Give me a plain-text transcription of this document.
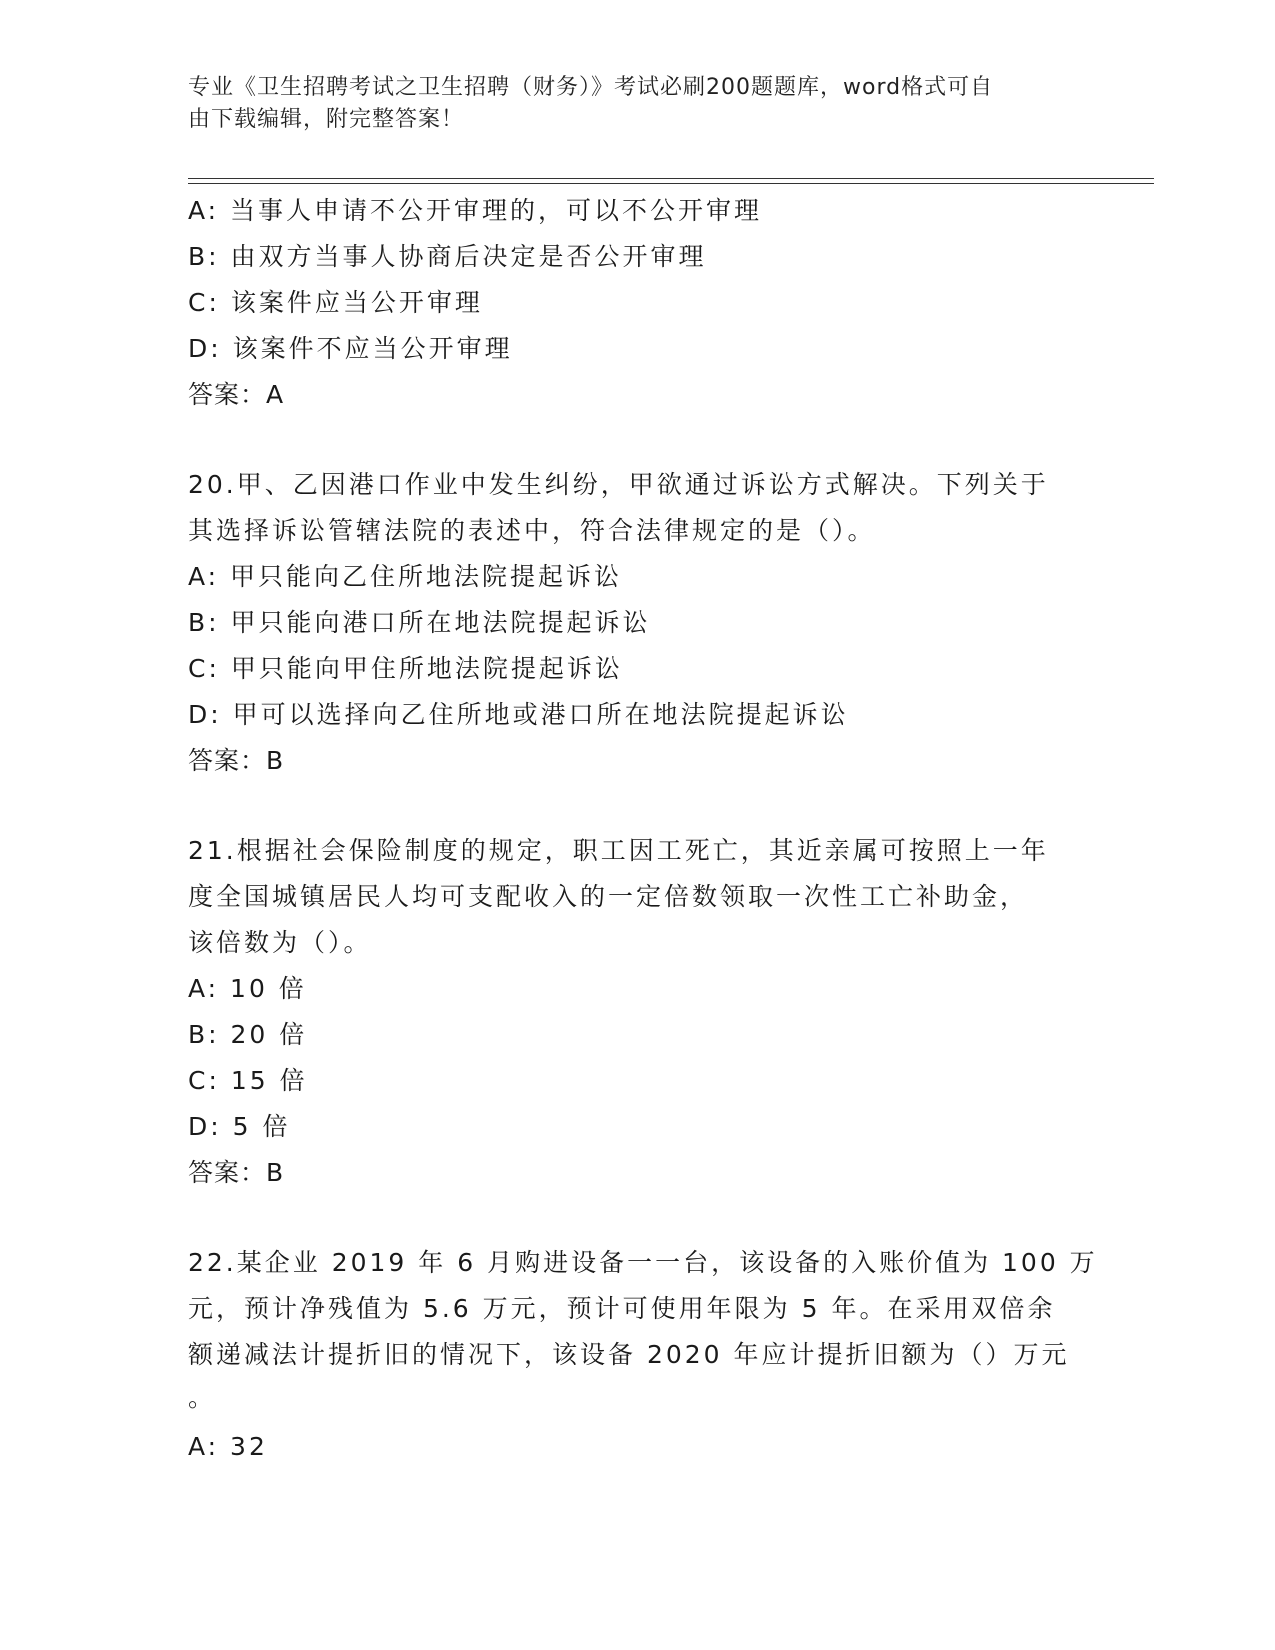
专业《卫生招聘考试之卫生招聘（财务）》考试必刷200题题库，word格式可自
由下载编辑，附完整答案！
A: 当事人申请不公开审理的，可以不公开审理
B: 由双方当事人协商后决定是否公开审理
C: 该案件应当公开审理
D: 该案件不应当公开审理
答案：A
20.甲、乙因港口作业中发生纠纷，甲欲通过诉讼方式解决。下列关于
其选择诉讼管辖法院的表述中，符合法律规定的是（）。
A: 甲只能向乙住所地法院提起诉讼
B: 甲只能向港口所在地法院提起诉讼
C: 甲只能向甲住所地法院提起诉讼
D: 甲可以选择向乙住所地或港口所在地法院提起诉讼
答案：B
21.根据社会保险制度的规定，职工因工死亡，其近亲属可按照上一年
度全国城镇居民人均可支配收入的一定倍数领取一次性工亡补助金，
该倍数为（）。
A: 10 倍
B: 20 倍
C: 15 倍
D: 5 倍
答案：B
22.某企业 2019 年 6 月购进设备一一台，该设备的入账价值为 100 万
元，预计净残值为 5.6 万元，预计可使用年限为 5 年。在采用双倍余
额递减法计提折旧的情况下，该设备 2020 年应计提折旧额为（）万元
。
A: 32
